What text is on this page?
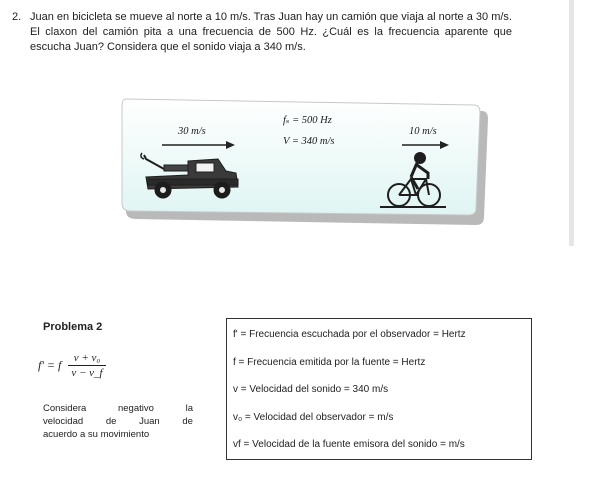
2. Juan en bicicleta se mueve al norte a 10 m/s. Tras Juan hay un camión que viaja al norte a 30 m/s. El claxon del camión pita a una frecuencia de 500 Hz. ¿Cuál es la frecuencia aparente que escucha Juan? Considera que el sonido viaja a 340 m/s.
30 m/s
fₛ = 500 Hz
V = 340 m/s
10 m/s
Problema 2
f' = f $\frac{\text{v + v₀}}{v - v\_f}$
Considera	negativo	la
velocidad de Juan de
acuerdo a su movimiento
f' = Frecuencia escuchada por el observador = Hertz
f = Frecuencia emitida por la fuente = Hertz
v = Velocidad del sonido = 340 m/s
v₀ = Velocidad del observador = m/s
vf = Velocidad de la fuente emisora del sonido = m/s
